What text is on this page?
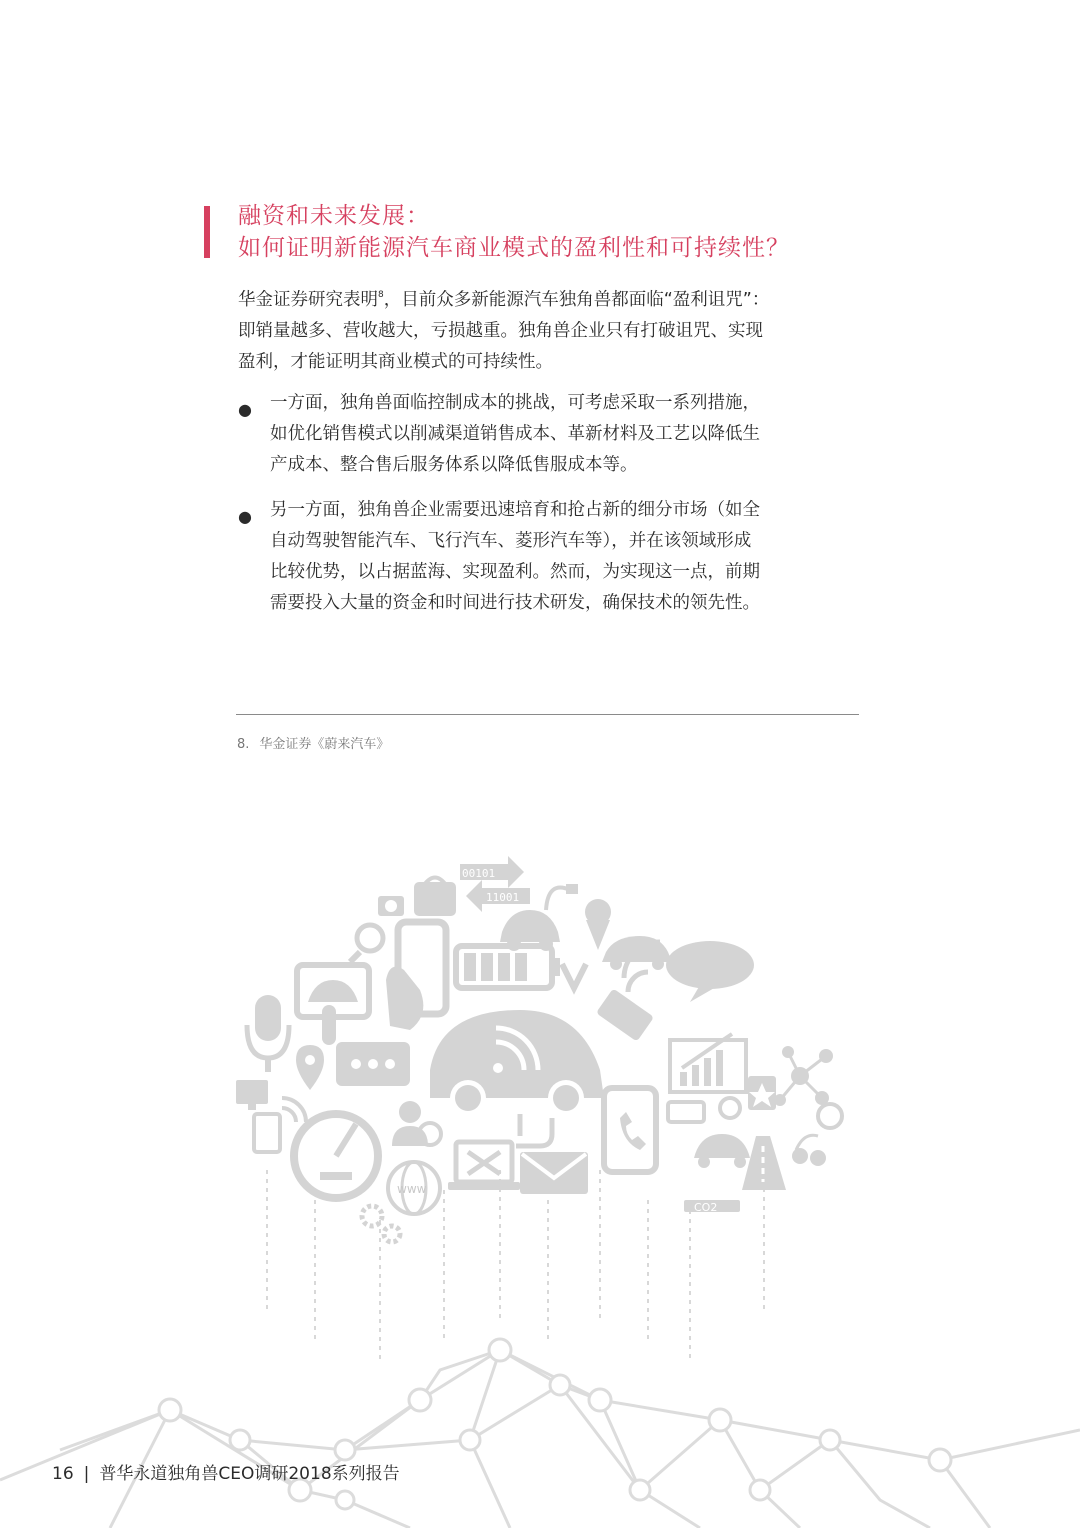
融资和未来发展：
如何证明新能源汽车商业模式的盈利性和可持续性？
华金证券研究表明$^8$，目前众多新能源汽车独角兽都面临“盈利诅咒”：
即销量越多、营收越大，亏损越重。独角兽企业只有打破诅咒、实现
盈利，才能证明其商业模式的可持续性。
● 一方面，独角兽面临控制成本的挑战，可考虑采取一系列措施，
如优化销售模式以削减渠道销售成本、革新材料及工艺以降低生
产成本、整合售后服务体系以降低售服成本等。
● 另一方面，独角兽企业需要迅速培育和抢占新的细分市场（如全
自动驾驶智能汽车、飞行汽车、菱形汽车等），并在该领域形成
比较优势，以占据蓝海、实现盈利。然而，为实现这一点，前期
需要投入大量的资金和时间进行技术研发，确保技术的领先性。
8. 华金证券《蔚来汽车》
00101
11001
www
CO2
16 | 普华永道独角兽CEO调研2018系列报告
